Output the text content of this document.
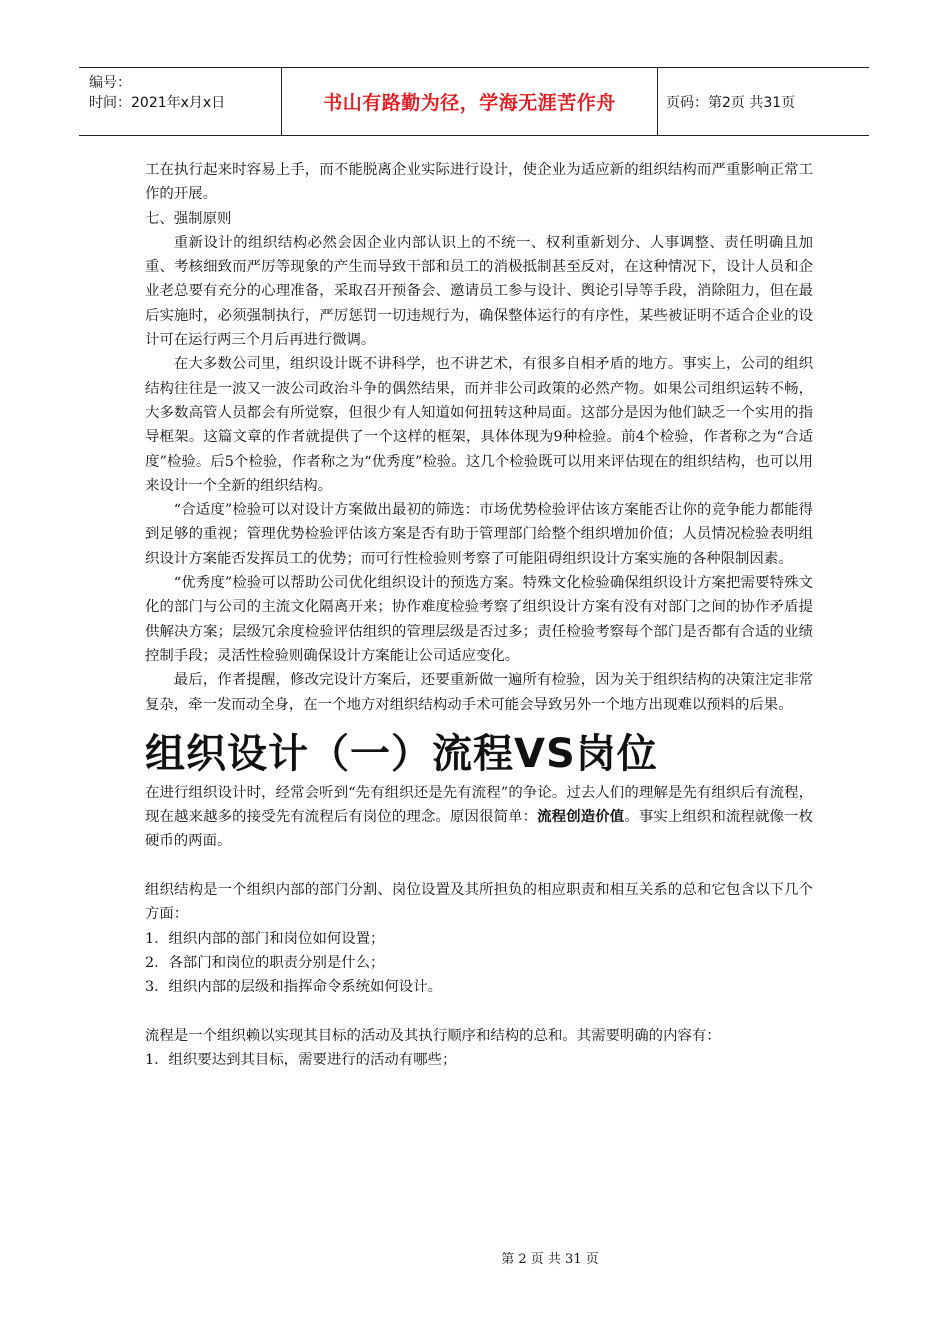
编号：
时间：2021年x月x日	书山有路勤为径，学海无涯苦作舟	页码：第2页 共31页

工在执行起来时容易上手，而不能脱离企业实际进行设计，使企业为适应新的组织结构而严重影响正常工作的开展。

七、强制原则

重新设计的组织结构必然会因企业内部认识上的不统一、权利重新划分、人事调整、责任明确且加重、考核细致而严厉等现象的产生而导致干部和员工的消极抵制甚至反对，在这种情况下，设计人员和企业老总要有充分的心理准备，采取召开预备会、邀请员工参与设计、舆论引导等手段，消除阻力，但在最后实施时，必须强制执行，严厉惩罚一切违规行为，确保整体运行的有序性，某些被证明不适合企业的设计可在运行两三个月后再进行微调。

在大多数公司里，组织设计既不讲科学，也不讲艺术，有很多自相矛盾的地方。事实上，公司的组织结构往往是一波又一波公司政治斗争的偶然结果，而并非公司政策的必然产物。如果公司组织运转不畅，大多数高管人员都会有所觉察，但很少有人知道如何扭转这种局面。这部分是因为他们缺乏一个实用的指导框架。这篇文章的作者就提供了一个这样的框架，具体体现为9种检验。前4个检验，作者称之为“合适度”检验。后5个检验，作者称之为“优秀度”检验。这几个检验既可以用来评估现在的组织结构，也可以用来设计一个全新的组织结构。

“合适度”检验可以对设计方案做出最初的筛选：市场优势检验评估该方案能否让你的竞争能力都能得到足够的重视；管理优势检验评估该方案是否有助于管理部门给整个组织增加价值；人员情况检验表明组织设计方案能否发挥员工的优势；而可行性检验则考察了可能阻碍组织设计方案实施的各种限制因素。

“优秀度”检验可以帮助公司优化组织设计的预选方案。特殊文化检验确保组织设计方案把需要特殊文化的部门与公司的主流文化隔离开来；协作难度检验考察了组织设计方案有没有对部门之间的协作矛盾提供解决方案；层级冗余度检验评估组织的管理层级是否过多；责任检验考察每个部门是否都有合适的业绩控制手段；灵活性检验则确保设计方案能让公司适应变化。

最后，作者提醒，修改完设计方案后，还要重新做一遍所有检验，因为关于组织结构的决策注定非常复杂，牵一发而动全身，在一个地方对组织结构动手术可能会导致另外一个地方出现难以预料的后果。

组织设计（一）流程VS岗位

在进行组织设计时，经常会听到“先有组织还是先有流程”的争论。过去人们的理解是先有组织后有流程，现在越来越多的接受先有流程后有岗位的理念。原因很简单：流程创造价值。事实上组织和流程就像一枚硬币的两面。

组织结构是一个组织内部的部门分割、岗位设置及其所担负的相应职责和相互关系的总和它包含以下几个方面：

1．组织内部的部门和岗位如何设置；

2．各部门和岗位的职责分别是什么；

3．组织内部的层级和指挥命令系统如何设计。

流程是一个组织赖以实现其目标的活动及其执行顺序和结构的总和。其需要明确的内容有：

1．组织要达到其目标，需要进行的活动有哪些；

第 2 页 共 31 页
